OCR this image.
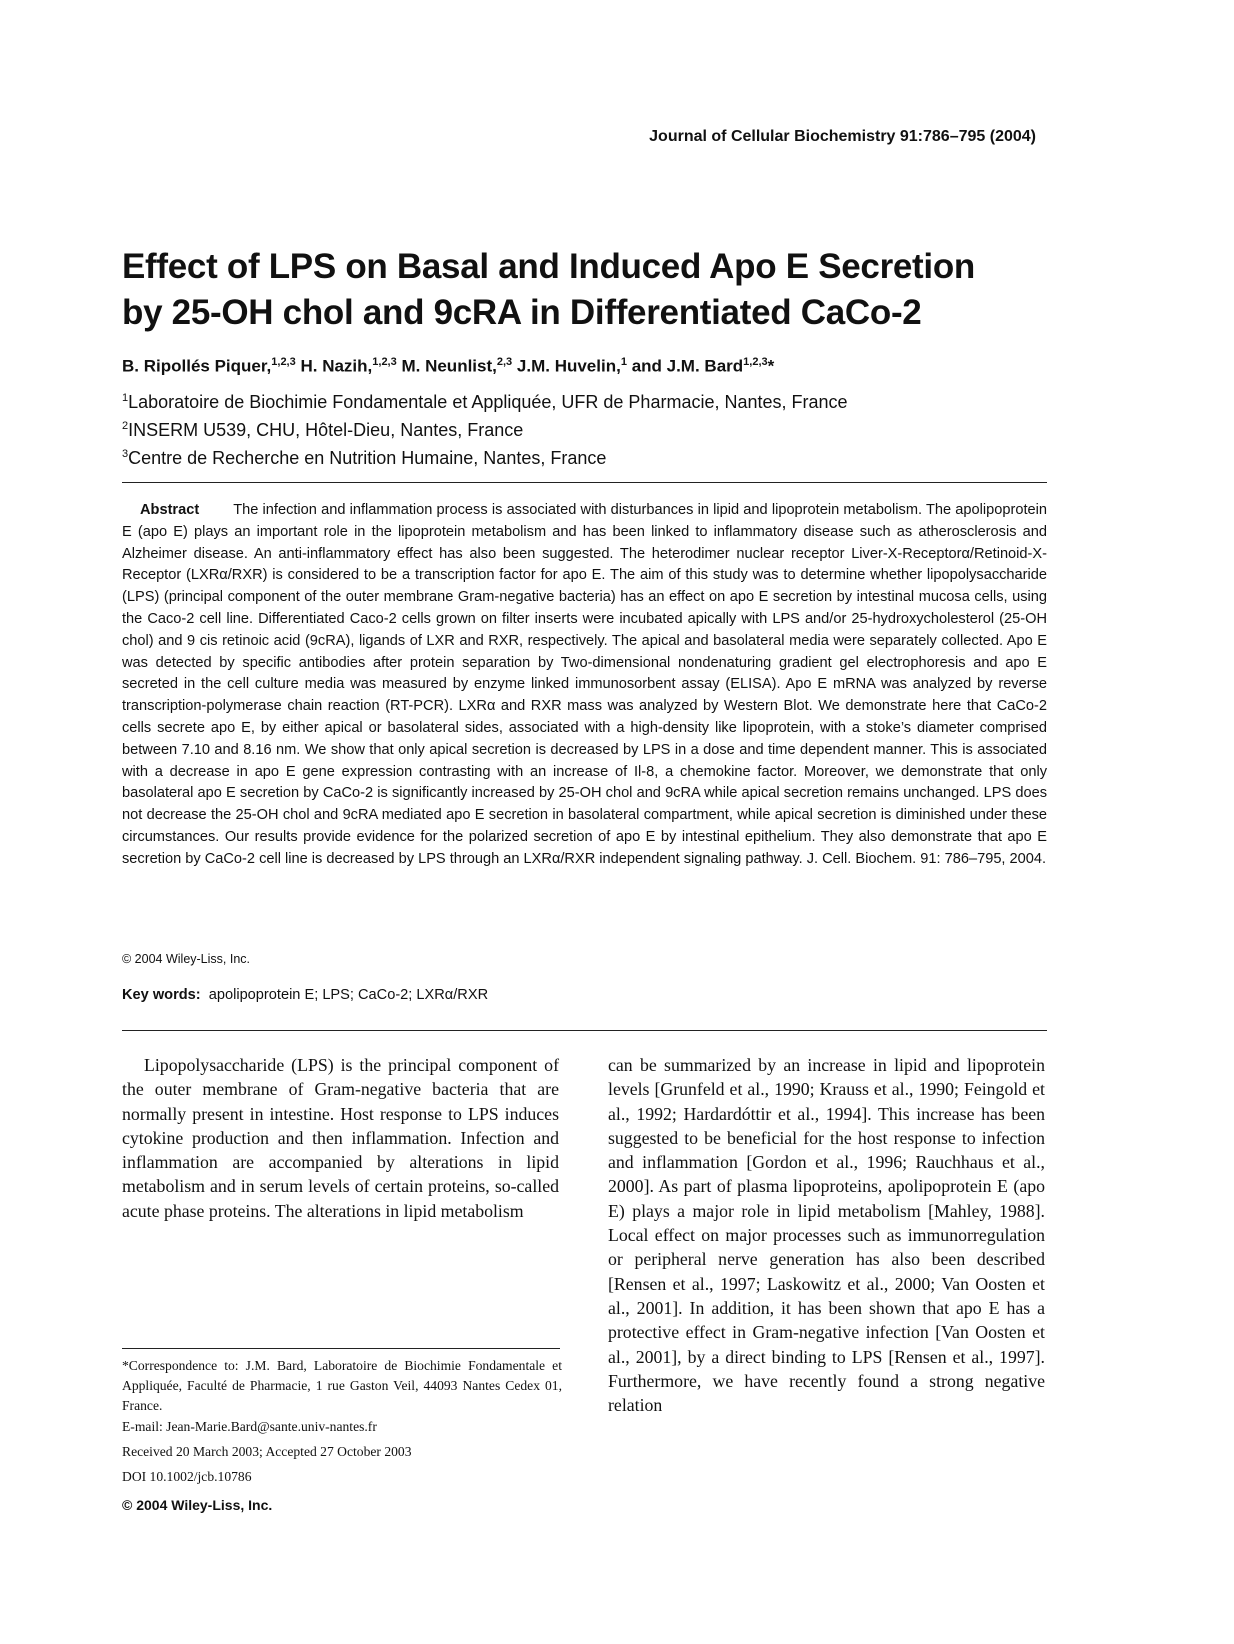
Journal of Cellular Biochemistry 91:786–795 (2004)
Effect of LPS on Basal and Induced Apo E Secretion
by 25-OH chol and 9cRA in Differentiated CaCo-2
B. Ripollés Piquer,$^{1,2,3}$ H. Nazih,$^{1,2,3}$ M. Neunlist,$^{2,3}$ J.M. Huvelin,$^1$ and J.M. Bard$^{1,2,3}$*
$^1$Laboratoire de Biochimie Fondamentale et Appliquée, UFR de Pharmacie, Nantes, France
$^2$INSERM U539, CHU, Hôtel-Dieu, Nantes, France
$^3$Centre de Recherche en Nutrition Humaine, Nantes, France
Abstract The infection and inflammation process is associated with disturbances in lipid and lipoprotein metabolism. The apolipoprotein E (apo E) plays an important role in the lipoprotein metabolism and has been linked to inflammatory disease such as atherosclerosis and Alzheimer disease. An anti-inflammatory effect has also been suggested. The heterodimer nuclear receptor Liver-X-Receptorα/Retinoid-X-Receptor (LXRα/RXR) is considered to be a transcription factor for apo E. The aim of this study was to determine whether lipopolysaccharide (LPS) (principal component of the outer membrane Gram-negative bacteria) has an effect on apo E secretion by intestinal mucosa cells, using the Caco-2 cell line. Differentiated Caco-2 cells grown on filter inserts were incubated apically with LPS and/or 25-hydroxycholesterol (25-OH chol) and 9 cis retinoic acid (9cRA), ligands of LXR and RXR, respectively. The apical and basolateral media were separately collected. Apo E was detected by specific antibodies after protein separation by Two-dimensional nondenaturing gradient gel electrophoresis and apo E secreted in the cell culture media was measured by enzyme linked immunosorbent assay (ELISA). Apo E mRNA was analyzed by reverse transcription-polymerase chain reaction (RT-PCR). LXRα and RXR mass was analyzed by Western Blot. We demonstrate here that CaCo-2 cells secrete apo E, by either apical or basolateral sides, associated with a high-density like lipoprotein, with a stoke’s diameter comprised between 7.10 and 8.16 nm. We show that only apical secretion is decreased by LPS in a dose and time dependent manner. This is associated with a decrease in apo E gene expression contrasting with an increase of Il-8, a chemokine factor. Moreover, we demonstrate that only basolateral apo E secretion by CaCo-2 is significantly increased by 25-OH chol and 9cRA while apical secretion remains unchanged. LPS does not decrease the 25-OH chol and 9cRA mediated apo E secretion in basolateral compartment, while apical secretion is diminished under these circumstances. Our results provide evidence for the polarized secretion of apo E by intestinal epithelium. They also demonstrate that apo E secretion by CaCo-2 cell line is decreased by LPS through an LXRα/RXR independent signaling pathway. J. Cell. Biochem. 91: 786–795, 2004.
© 2004 Wiley-Liss, Inc.
Key words: apolipoprotein E; LPS; CaCo-2; LXRα/RXR
Lipopolysaccharide (LPS) is the principal component of the outer membrane of Gram-negative bacteria that are normally present in intestine. Host response to LPS induces cytokine production and then inflammation. Infection and inflammation are accompanied by alterations in lipid metabolism and in serum levels of certain proteins, so-called acute phase proteins. The alterations in lipid metabolism
can be summarized by an increase in lipid and lipoprotein levels [Grunfeld et al., 1990; Krauss et al., 1990; Feingold et al., 1992; Hardardóttir et al., 1994]. This increase has been suggested to be beneficial for the host response to infection and inflammation [Gordon et al., 1996; Rauchhaus et al., 2000]. As part of plasma lipoproteins, apolipoprotein E (apo E) plays a major role in lipid metabolism [Mahley, 1988]. Local effect on major processes such as immunorregulation or peripheral nerve generation has also been described [Rensen et al., 1997; Laskowitz et al., 2000; Van Oosten et al., 2001]. In addition, it has been shown that apo E has a protective effect in Gram-negative infection [Van Oosten et al., 2001], by a direct binding to LPS [Rensen et al., 1997]. Furthermore, we have recently found a strong negative relation
*Correspondence to: J.M. Bard, Laboratoire de Biochimie Fondamentale et Appliquée, Faculté de Pharmacie, 1 rue Gaston Veil, 44093 Nantes Cedex 01, France.
E-mail: Jean-Marie.Bard@sante.univ-nantes.fr
Received 20 March 2003; Accepted 27 October 2003
DOI 10.1002/jcb.10786
© 2004 Wiley-Liss, Inc.
